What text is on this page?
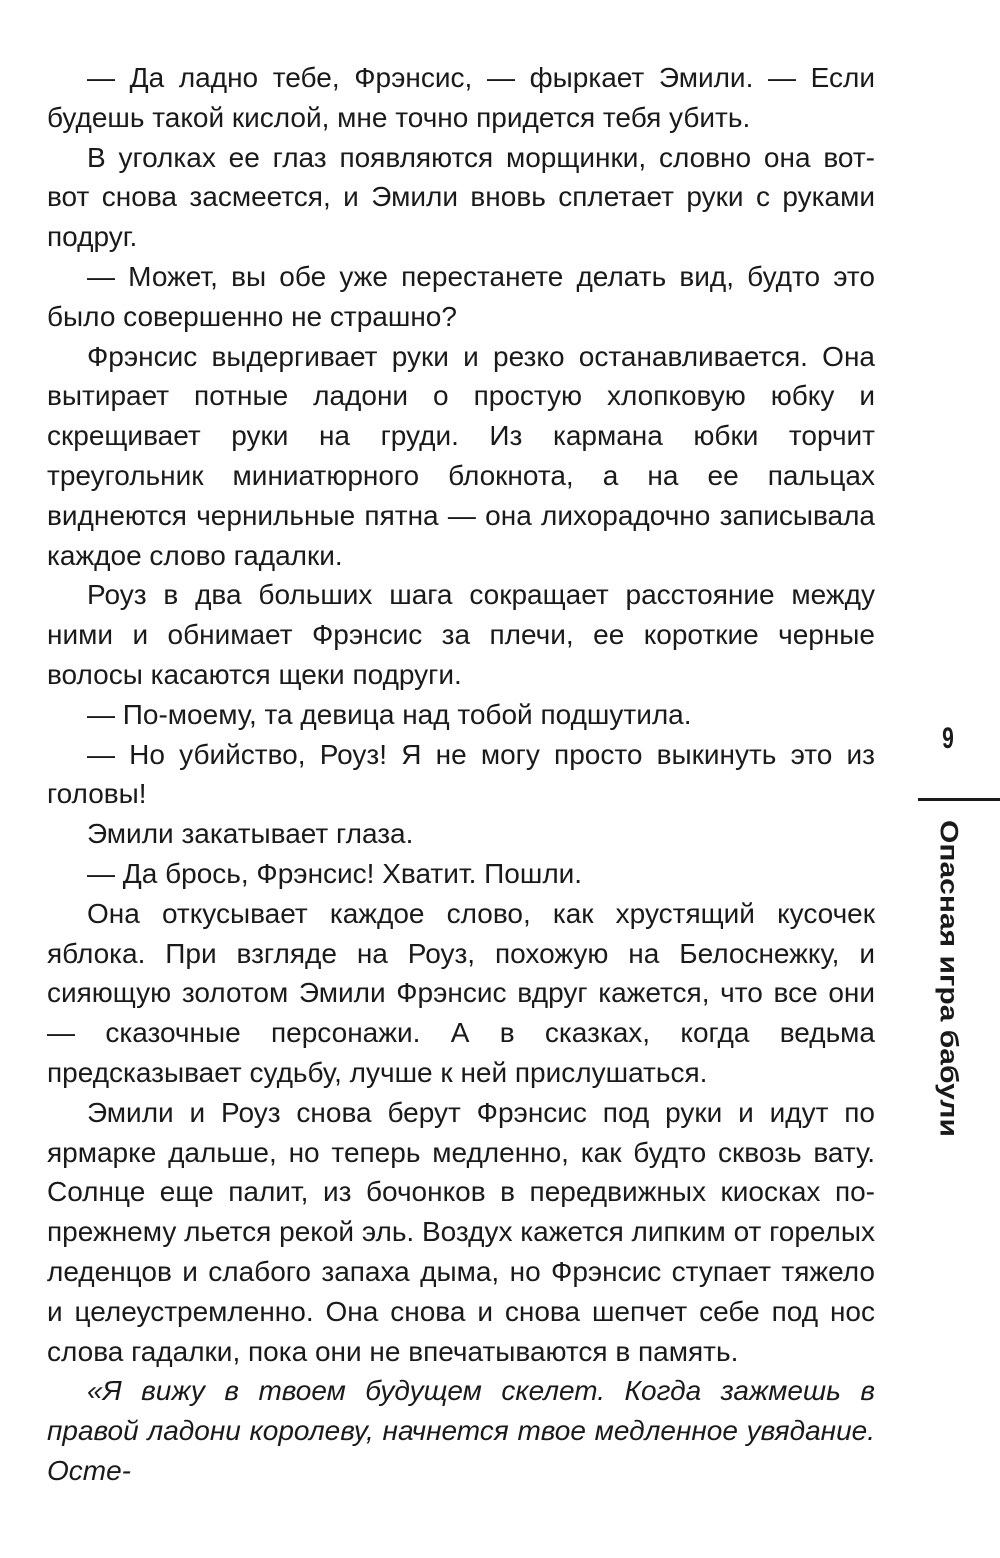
— Да ладно тебе, Фрэнсис, — фыркает Эмили. — Если будешь такой кислой, мне точно придется тебя убить.

В уголках ее глаз появляются морщинки, словно она вот-вот снова засмеется, и Эмили вновь сплетает руки с руками подруг.

— Может, вы обе уже перестанете делать вид, будто это было совершенно не страшно?

Фрэнсис выдергивает руки и резко останавливается. Она вытирает потные ладони о простую хлопковую юбку и скрещивает руки на груди. Из кармана юбки торчит треугольник миниатюрного блокнота, а на ее пальцах виднеются чернильные пятна — она лихорадочно записывала каждое слово гадалки.

Роуз в два больших шага сокращает расстояние между ними и обнимает Фрэнсис за плечи, ее короткие черные волосы касаются щеки подруги.

— По-моему, та девица над тобой подшутила.

— Но убийство, Роуз! Я не могу просто выкинуть это из головы!

Эмили закатывает глаза.

— Да брось, Фрэнсис! Хватит. Пошли.

Она откусывает каждое слово, как хрустящий кусочек яблока. При взгляде на Роуз, похожую на Белоснежку, и сияющую золотом Эмили Фрэнсис вдруг кажется, что все они — сказочные персонажи. А в сказках, когда ведьма предсказывает судьбу, лучше к ней прислушаться.

Эмили и Роуз снова берут Фрэнсис под руки и идут по ярмарке дальше, но теперь медленно, как будто сквозь вату. Солнце еще палит, из бочонков в передвижных киосках по-прежнему льется рекой эль. Воздух кажется липким от горелых леденцов и слабого запаха дыма, но Фрэнсис ступает тяжело и целеустремленно. Она снова и снова шепчет себе под нос слова гадалки, пока они не впечатываются в память.

«Я вижу в твоем будущем скелет. Когда зажмешь в правой ладони королеву, начнется твое медленное увядание. Осте-

9
Опасная игра бабули
